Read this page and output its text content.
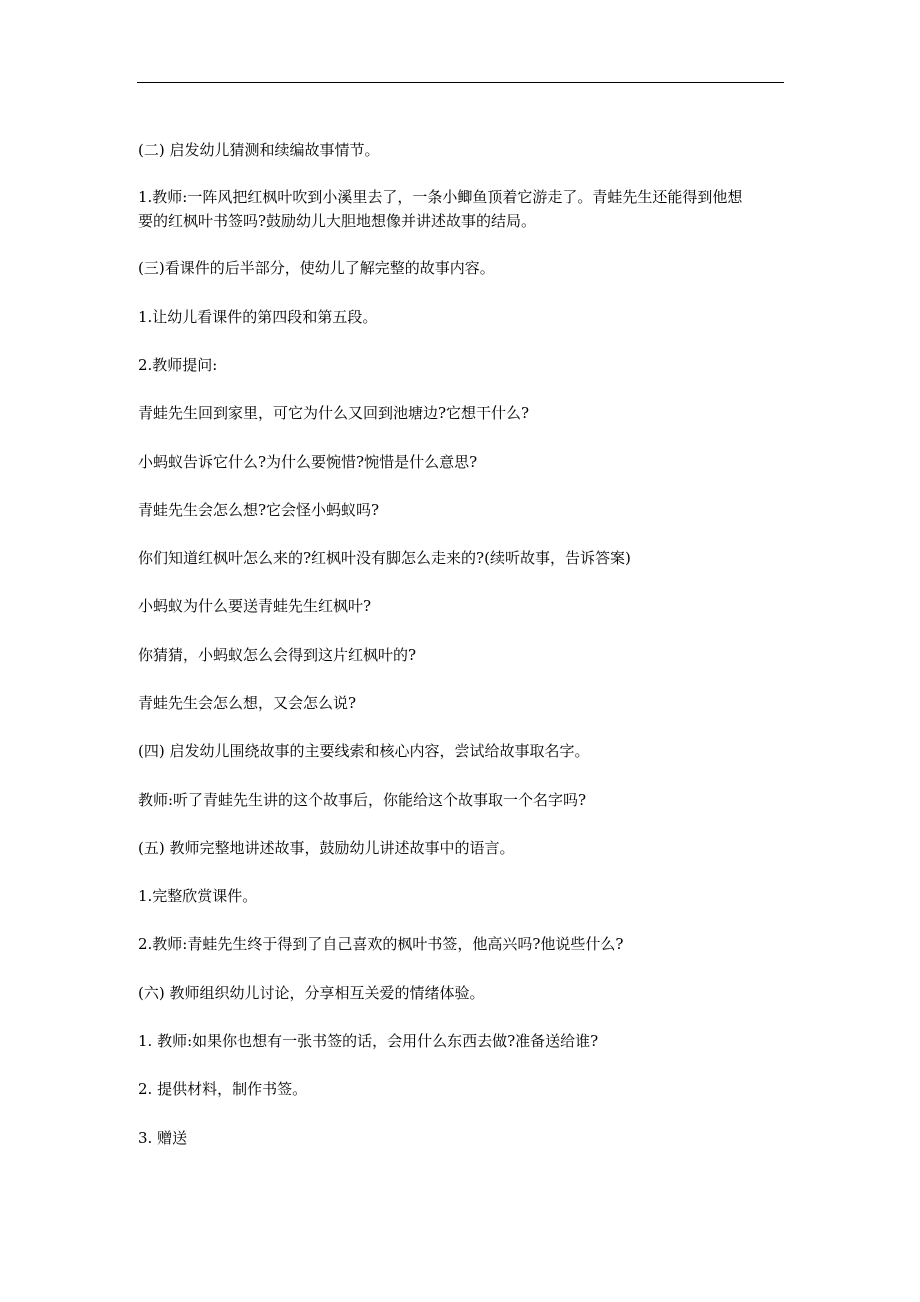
(二) 启发幼儿猜测和续编故事情节。
1.教师:一阵风把红枫叶吹到小溪里去了，一条小鲫鱼顶着它游走了。青蛙先生还能得到他想
要的红枫叶书签吗?鼓励幼儿大胆地想像并讲述故事的结局。
(三)看课件的后半部分，使幼儿了解完整的故事内容。
1.让幼儿看课件的第四段和第五段。
2.教师提问:
青蛙先生回到家里，可它为什么又回到池塘边?它想干什么?
小蚂蚁告诉它什么?为什么要惋惜?惋惜是什么意思?
青蛙先生会怎么想?它会怪小蚂蚁吗?
你们知道红枫叶怎么来的?红枫叶没有脚怎么走来的?(续听故事，告诉答案)
小蚂蚁为什么要送青蛙先生红枫叶?
你猜猜，小蚂蚁怎么会得到这片红枫叶的?
青蛙先生会怎么想，又会怎么说?
(四) 启发幼儿围绕故事的主要线索和核心内容，尝试给故事取名字。
教师:听了青蛙先生讲的这个故事后，你能给这个故事取一个名字吗?
(五) 教师完整地讲述故事，鼓励幼儿讲述故事中的语言。
1.完整欣赏课件。
2.教师:青蛙先生终于得到了自己喜欢的枫叶书签，他高兴吗?他说些什么?
(六) 教师组织幼儿讨论，分享相互关爱的情绪体验。
1. 教师:如果你也想有一张书签的话，会用什么东西去做?准备送给谁?
2. 提供材料，制作书签。
3. 赠送
